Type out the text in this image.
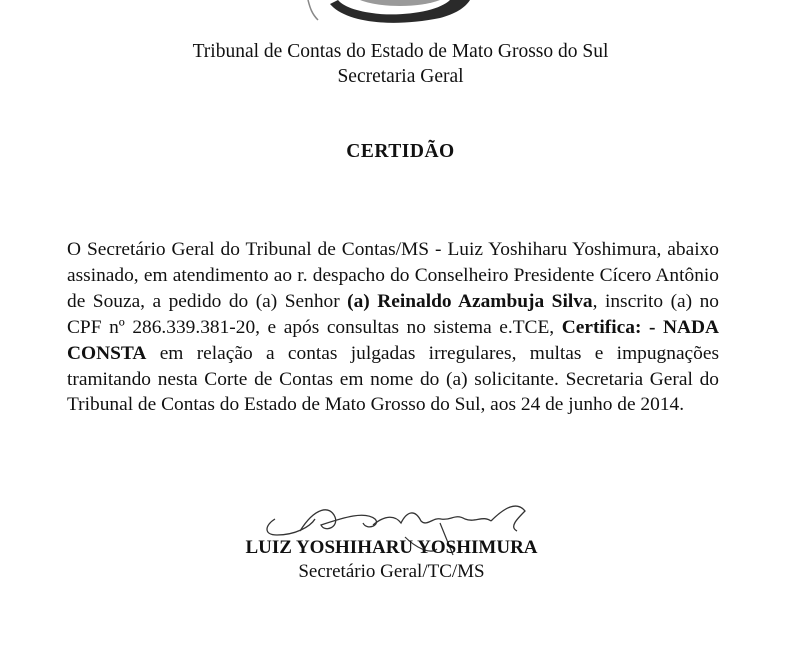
Tribunal de Contas do Estado de Mato Grosso do Sul
Secretaria Geral
CERTIDÃO
O Secretário Geral do Tribunal de Contas/MS - Luiz Yoshiharu Yoshimura, abaixo assinado, em atendimento ao r. despacho do Conselheiro Presidente Cícero Antônio de Souza, a pedido do (a) Senhor (a) Reinaldo Azambuja Silva, inscrito (a) no CPF nº 286.339.381-20, e após consultas no sistema e.TCE, Certifica: - NADA CONSTA em relação a contas julgadas irregulares, multas e impugnações tramitando nesta Corte de Contas em nome do (a) solicitante. Secretaria Geral do Tribunal de Contas do Estado de Mato Grosso do Sul, aos 24 de junho de 2014.
LUIZ YOSHIHARU YOSHIMURA
Secretário Geral/TC/MS
